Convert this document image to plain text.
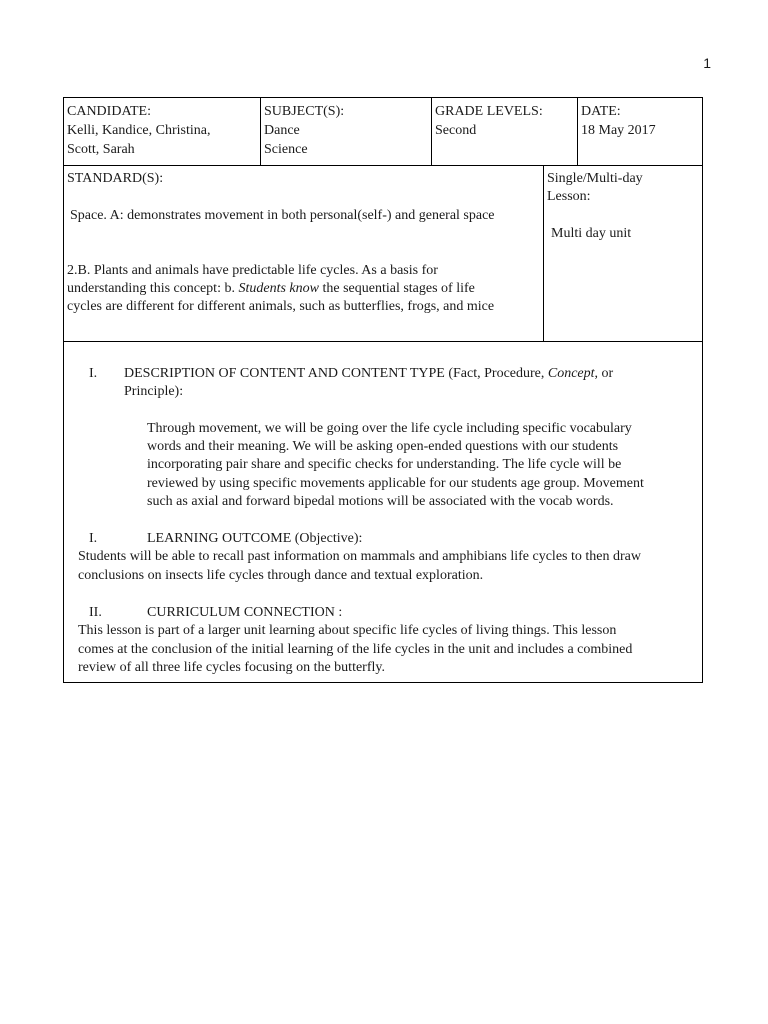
1
CANDIDATE:
Kelli, Kandice, Christina,
Scott, Sarah
SUBJECT(S):
Dance
Science
GRADE LEVELS:
Second
DATE:
18 May 2017
STANDARD(S):
Space. A: demonstrates movement in both personal(self-) and general space
2.B. Plants and animals have predictable life cycles. As a basis for
understanding this concept: b. Students know the sequential stages of life
cycles are different for different animals, such as butterflies, frogs, and mice
Single/Multi-day
Lesson:
Multi day unit
I. DESCRIPTION OF CONTENT AND CONTENT TYPE (Fact, Procedure, Concept, or
Principle):
Through movement, we will be going over the life cycle including specific vocabulary
words and their meaning. We will be asking open-ended questions with our students
incorporating pair share and specific checks for understanding. The life cycle will be
reviewed by using specific movements applicable for our students age group. Movement
such as axial and forward bipedal motions will be associated with the vocab words.
I.	LEARNING OUTCOME (Objective):
Students will be able to recall past information on mammals and amphibians life cycles to then draw
conclusions on insects life cycles through dance and textual exploration.
II.	CURRICULUM CONNECTION :
This lesson is part of a larger unit learning about specific life cycles of living things. This lesson
comes at the conclusion of the initial learning of the life cycles in the unit and includes a combined
review of all three life cycles focusing on the butterfly.
